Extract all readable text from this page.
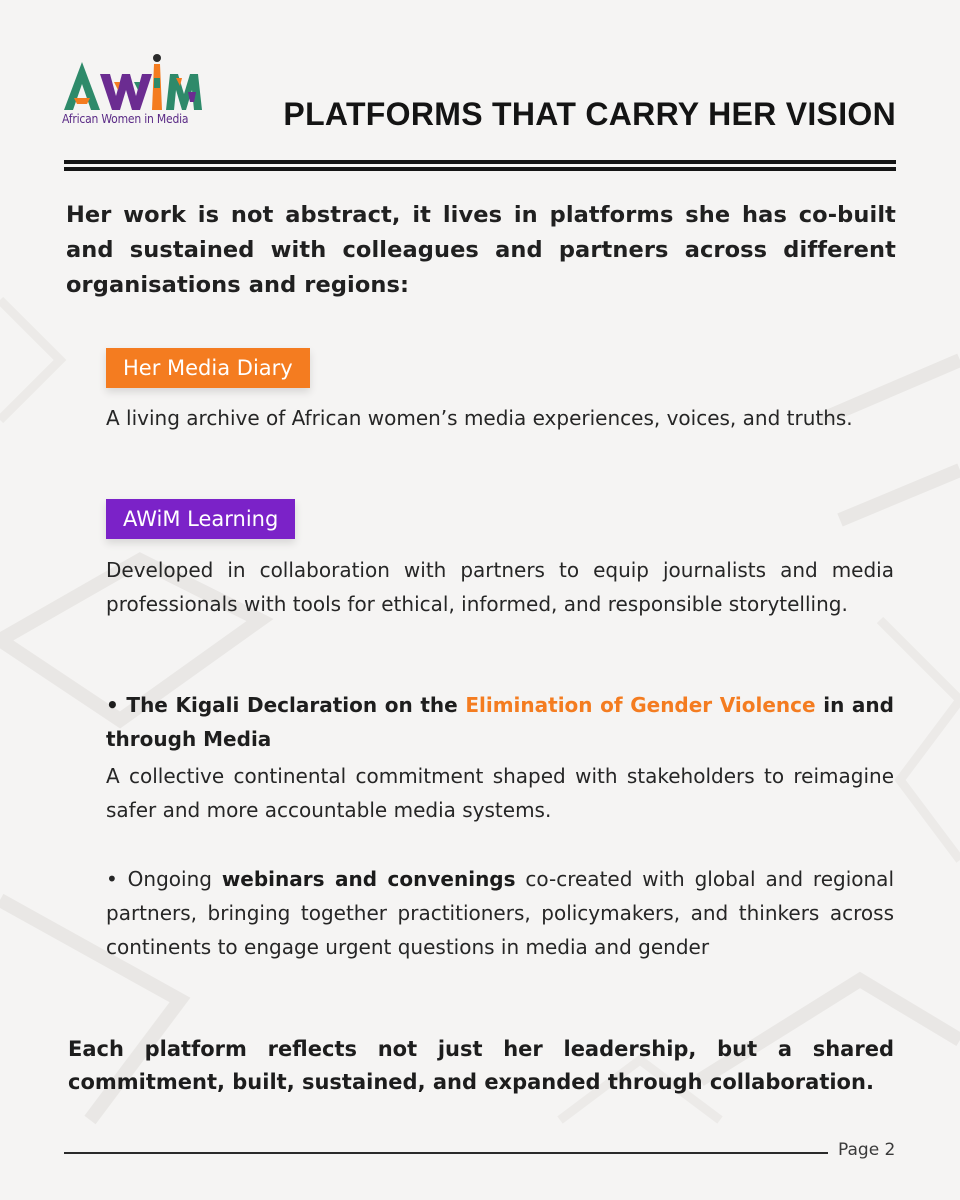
African Women in Media	PLATFORMS THAT CARRY HER VISION
Her work is not abstract, it lives in platforms she has co-built and sustained with colleagues and partners across different organisations and regions:
Her Media Diary
A living archive of African women’s media experiences, voices, and truths.
AWiM Learning
Developed in collaboration with partners to equip journalists and media professionals with tools for ethical, informed, and responsible storytelling.
• The Kigali Declaration on the Elimination of Gender Violence in and through Media
A collective continental commitment shaped with stakeholders to reimagine safer and more accountable media systems.
• Ongoing webinars and convenings co-created with global and regional partners, bringing together practitioners, policymakers, and thinkers across continents to engage urgent questions in media and gender
Each platform reflects not just her leadership, but a shared commitment, built, sustained, and expanded through collaboration.
Page 2
